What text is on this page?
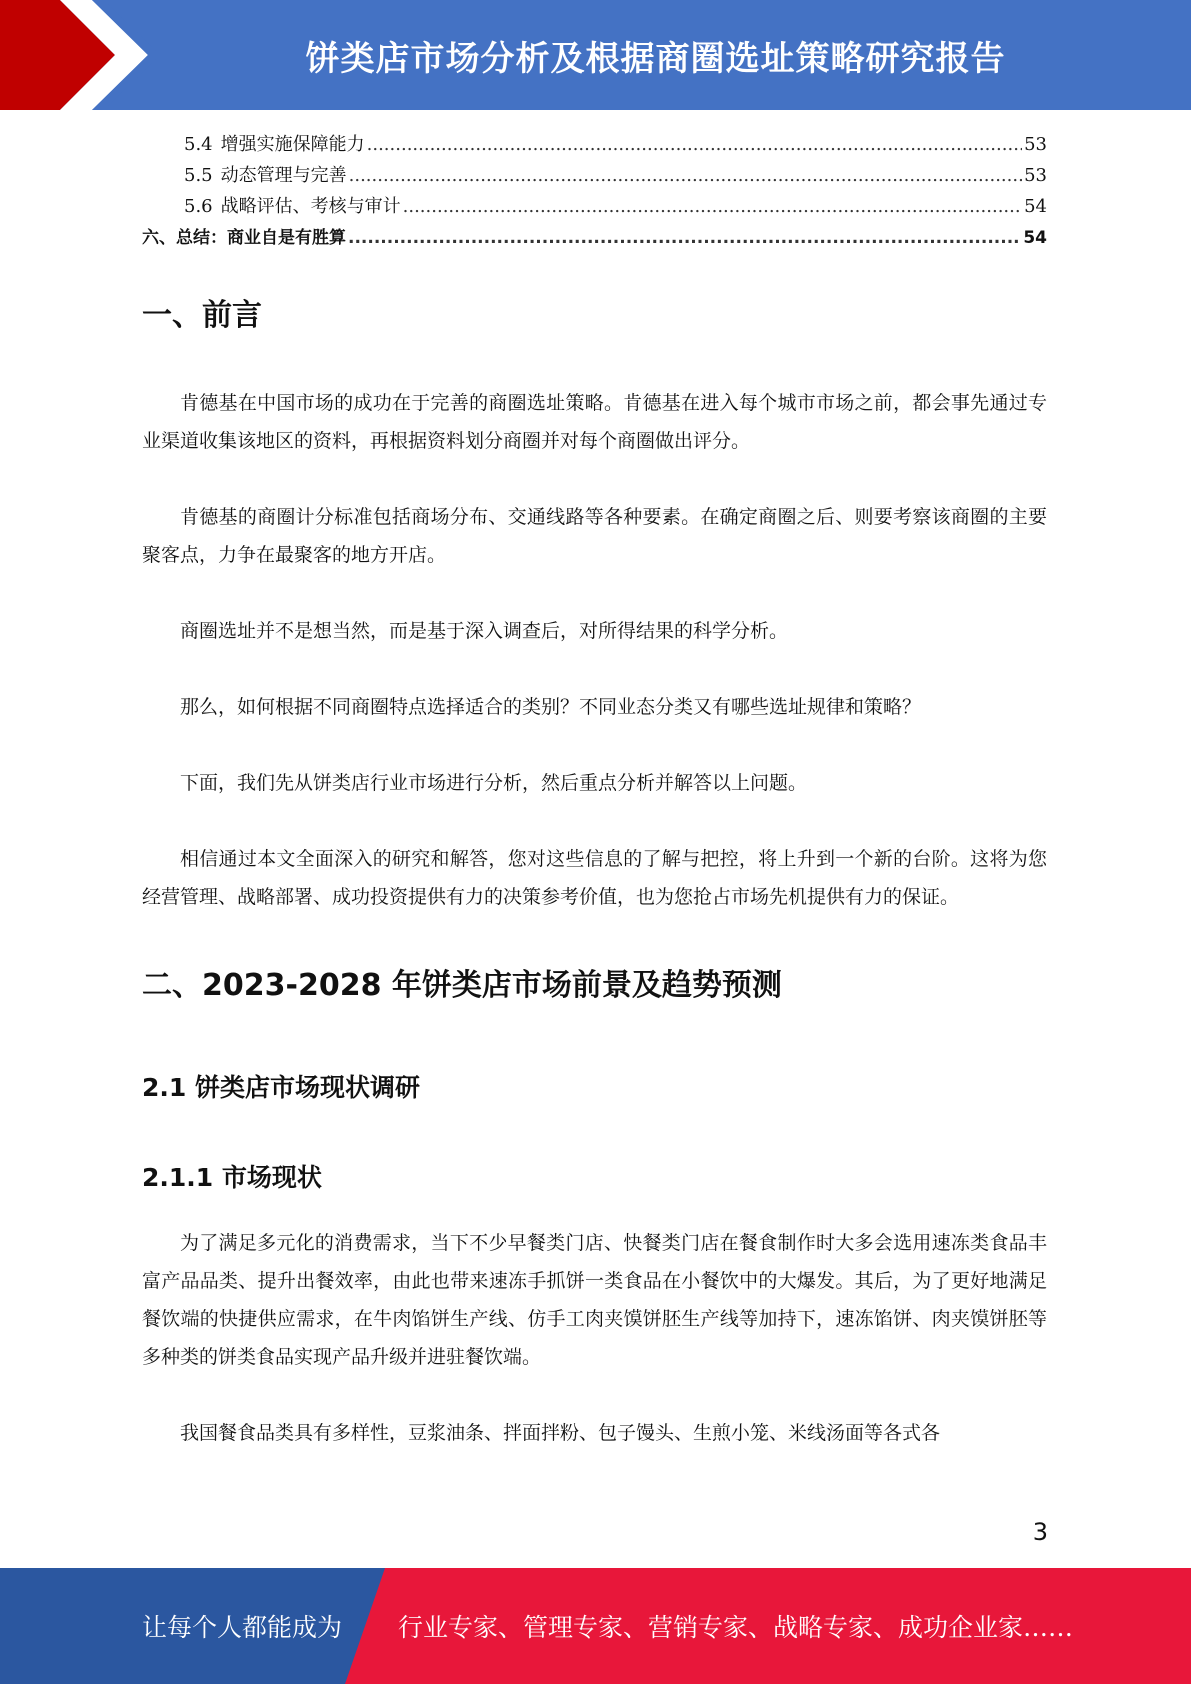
饼类店市场分析及根据商圈选址策略研究报告
5.4 增强实施保障能力 .....	53
5.5 动态管理与完善 .....	53
5.6 战略评估、考核与审计 .....	54
六、总结：商业自是有胜算 .....	54
一、前言

肯德基在中国市场的成功在于完善的商圈选址策略。肯德基在进入每个城市市场之前，都会事先通过专业渠道收集该地区的资料，再根据资料划分商圈并对每个商圈做出评分。

肯德基的商圈计分标准包括商场分布、交通线路等各种要素。在确定商圈之后、则要考察该商圈的主要聚客点，力争在最聚客的地方开店。

商圈选址并不是想当然，而是基于深入调查后，对所得结果的科学分析。

那么，如何根据不同商圈特点选择适合的类别？不同业态分类又有哪些选址规律和策略？

下面，我们先从饼类店行业市场进行分析，然后重点分析并解答以上问题。

相信通过本文全面深入的研究和解答，您对这些信息的了解与把控，将上升到一个新的台阶。这将为您经营管理、战略部署、成功投资提供有力的决策参考价值，也为您抢占市场先机提供有力的保证。

二、2023-2028 年饼类店市场前景及趋势预测
2.1 饼类店市场现状调研
2.1.1 市场现状

为了满足多元化的消费需求，当下不少早餐类门店、快餐类门店在餐食制作时大多会选用速冻类食品丰富产品品类、提升出餐效率，由此也带来速冻手抓饼一类食品在小餐饮中的大爆发。其后，为了更好地满足餐饮端的快捷供应需求，在牛肉馅饼生产线、仿手工肉夹馍饼胚生产线等加持下，速冻馅饼、肉夹馍饼胚等多种类的饼类食品实现产品升级并进驻餐饮端。

我国餐食品类具有多样性，豆浆油条、拌面拌粉、包子馒头、生煎小笼、米线汤面等各式各

3
让每个人都能成为 行业专家、管理专家、营销专家、战略专家、成功企业家……
